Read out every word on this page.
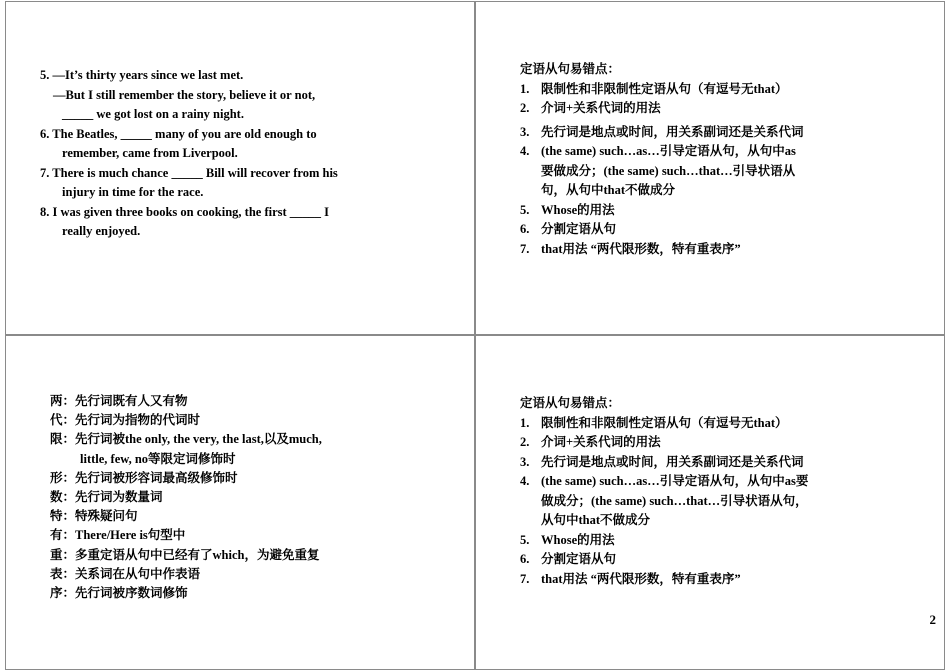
5. —It’s thirty years since we last met.
—But I still remember the story, believe it or not,
_____ we got lost on a rainy night.
6. The Beatles, _____ many of you are old enough to
remember, came from Liverpool.
7. There is much chance _____ Bill will recover from his
injury in time for the race.
8. I was given three books on cooking, the first _____ I
really enjoyed.
定语从句易错点：
1. 限制性和非限制性定语从句（有逗号无that）
2. 介词+关系代词的用法
3. 先行词是地点或时间，用关系副词还是关系代词
4. (the same) such…as…引导定语从句，从句中as
要做成分；(the same) such…that…引导状语从
句，从句中that不做成分
5. Whose的用法
6. 分割定语从句
7. that用法 “两代限形数，特有重表序”
两：先行词既有人又有物
代：先行词为指物的代词时
限：先行词被the only, the very, the last,以及much,
little, few, no等限定词修饰时
形：先行词被形容词最高级修饰时
数：先行词为数量词
特：特殊疑问句
有：There/Here is句型中
重：多重定语从句中已经有了which，为避免重复
表：关系词在从句中作表语
序：先行词被序数词修饰
定语从句易错点：
1. 限制性和非限制性定语从句（有逗号无that）
2. 介词+关系代词的用法
3. 先行词是地点或时间，用关系副词还是关系代词
4. (the same) such…as…引导定语从句，从句中as要
做成分；(the same) such…that…引导状语从句，
从句中that不做成分
5. Whose的用法
6. 分割定语从句
7. that用法 “两代限形数，特有重表序”
2
